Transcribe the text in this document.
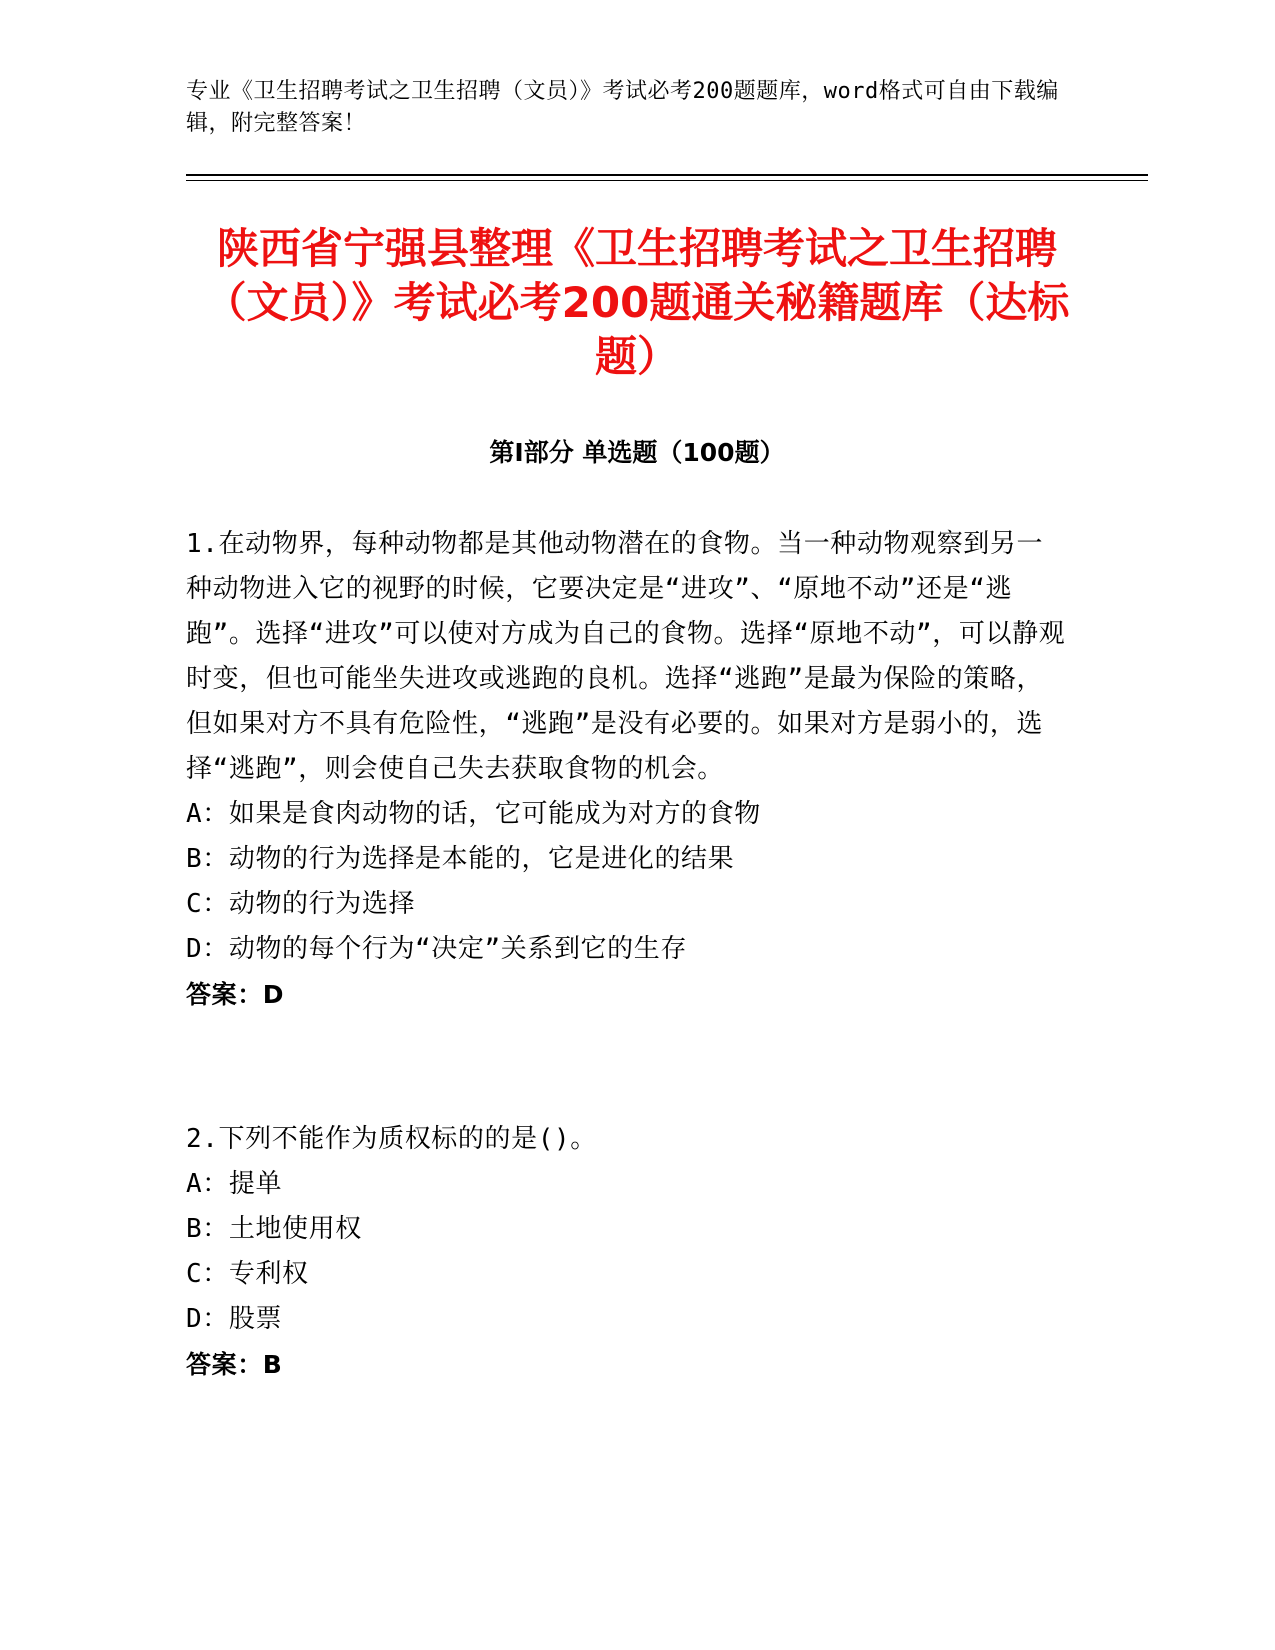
专业《卫生招聘考试之卫生招聘（文员）》考试必考200题题库，word格式可自由下载编辑，附完整答案！
陕西省宁强县整理《卫生招聘考试之卫生招聘（文员）》考试必考200题通关秘籍题库（达标题）
第Ⅰ部分 单选题（100题）
1.在动物界，每种动物都是其他动物潜在的食物。当一种动物观察到另一种动物进入它的视野的时候，它要决定是“进攻”、“原地不动”还是“逃跑”。选择“进攻”可以使对方成为自己的食物。选择“原地不动”，可以静观时变，但也可能坐失进攻或逃跑的良机。选择“逃跑”是最为保险的策略，但如果对方不具有危险性，“逃跑”是没有必要的。如果对方是弱小的，选择“逃跑”，则会使自己失去获取食物的机会。
A：如果是食肉动物的话，它可能成为对方的食物
B：动物的行为选择是本能的，它是进化的结果
C：动物的行为选择
D：动物的每个行为“决定”关系到它的生存
答案：D
2.下列不能作为质权标的的是()。
A：提单
B：土地使用权
C：专利权
D：股票
答案：B
